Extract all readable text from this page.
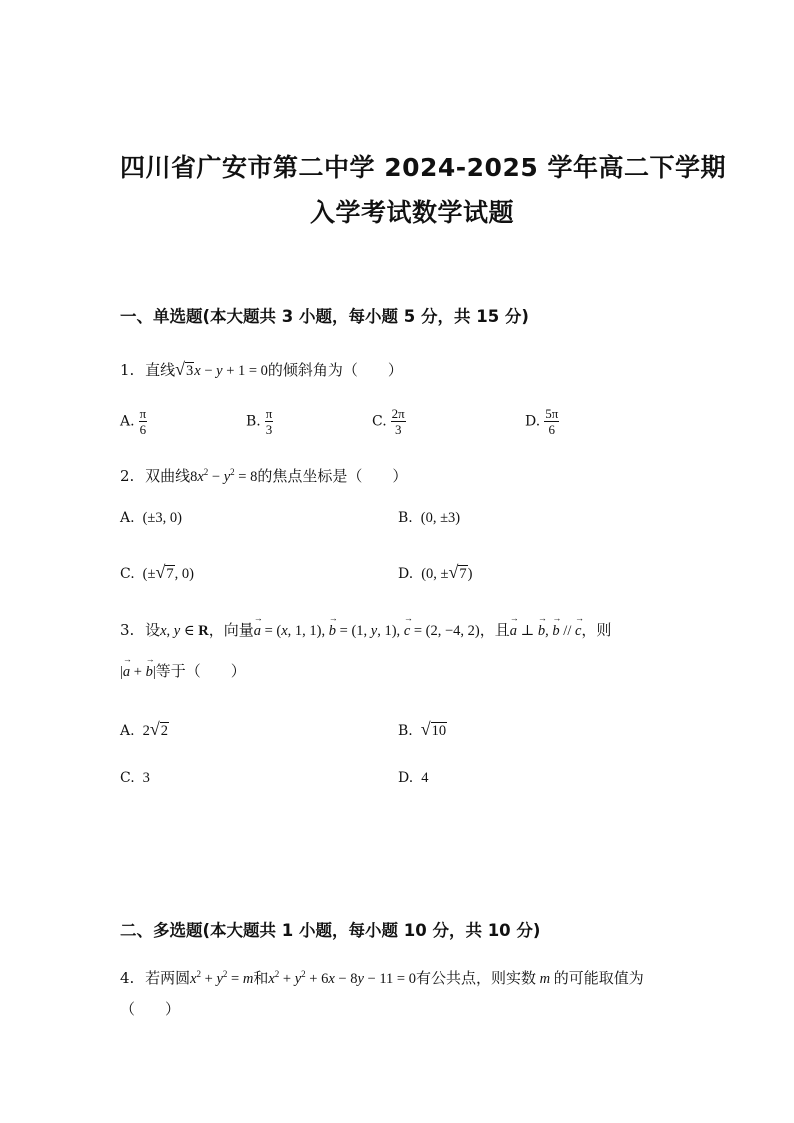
四川省广安市第二中学 2024-2025 学年高二下学期
入学考试数学试题
一、单选题(本大题共 3 小题，每小题 5 分，共 15 分)
1. 直线√3x − y + 1 = 0的倾斜角为（　　）
A. $\frac{\pi}{6}$	B. $\frac{\pi}{3}$	C. $\frac{2\pi}{3}$	D. $\frac{5\pi}{6}$
2. 双曲线$8x^2 - y^2 = 8$的焦点坐标是（　　）
A. (±3, 0)	B. (0, ±3)
C. (±√7, 0)	D. (0, ±√7)
3. 设x, y ∈ R，向量→ a = (x, 1, 1), → b = (1, y, 1), → c = (2, −4, 2)，且→ a ⊥ → b, → b // → c，则
|→ a + → b|等于（　　）
A. 2√2	B. √10
C. 3	D. 4
二、多选题(本大题共 1 小题，每小题 10 分，共 10 分)
4. 若两圆$x^2 + y^2 = m$和$x^2 + y^2 + 6x - 8y - 11 = 0$有公共点，则实数 m 的可能取值为
（　　）
